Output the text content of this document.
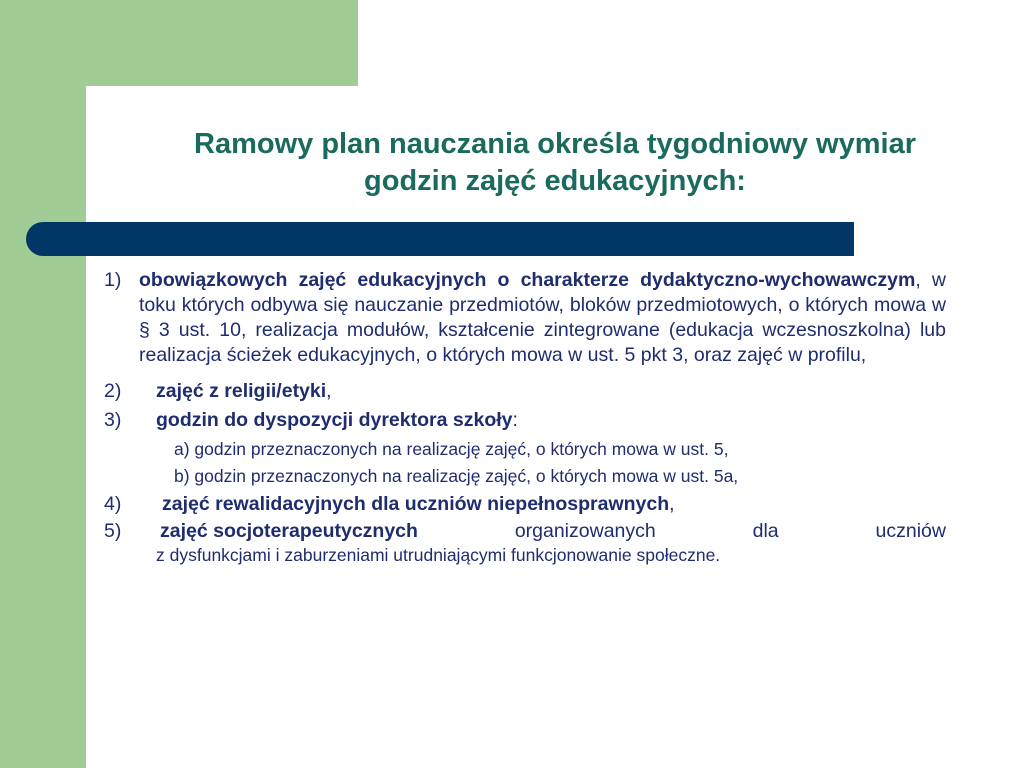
Ramowy plan nauczania określa tygodniowy wymiar
godzin zajęć edukacyjnych:
1) obowiązkowych zajęć edukacyjnych o charakterze dydaktyczno-wychowawczym, w toku których odbywa się nauczanie przedmiotów, bloków przedmiotowych, o których mowa w § 3 ust. 10, realizacja modułów, kształcenie zintegrowane (edukacja wczesnoszkolna) lub realizacja ścieżek edukacyjnych, o których mowa w ust. 5 pkt 3, oraz zajęć w profilu,
2) zajęć z religii/etyki,
3) godzin do dyspozycji dyrektora szkoły:
a) godzin przeznaczonych na realizację zajęć, o których mowa w ust. 5,
b) godzin przeznaczonych na realizację zajęć, o których mowa w ust. 5a,
4) zajęć rewalidacyjnych dla uczniów niepełnosprawnych,
5) zajęć socjoterapeutycznych	organizowanych	dla	uczniów
z dysfunkcjami i zaburzeniami utrudniającymi funkcjonowanie społeczne.
